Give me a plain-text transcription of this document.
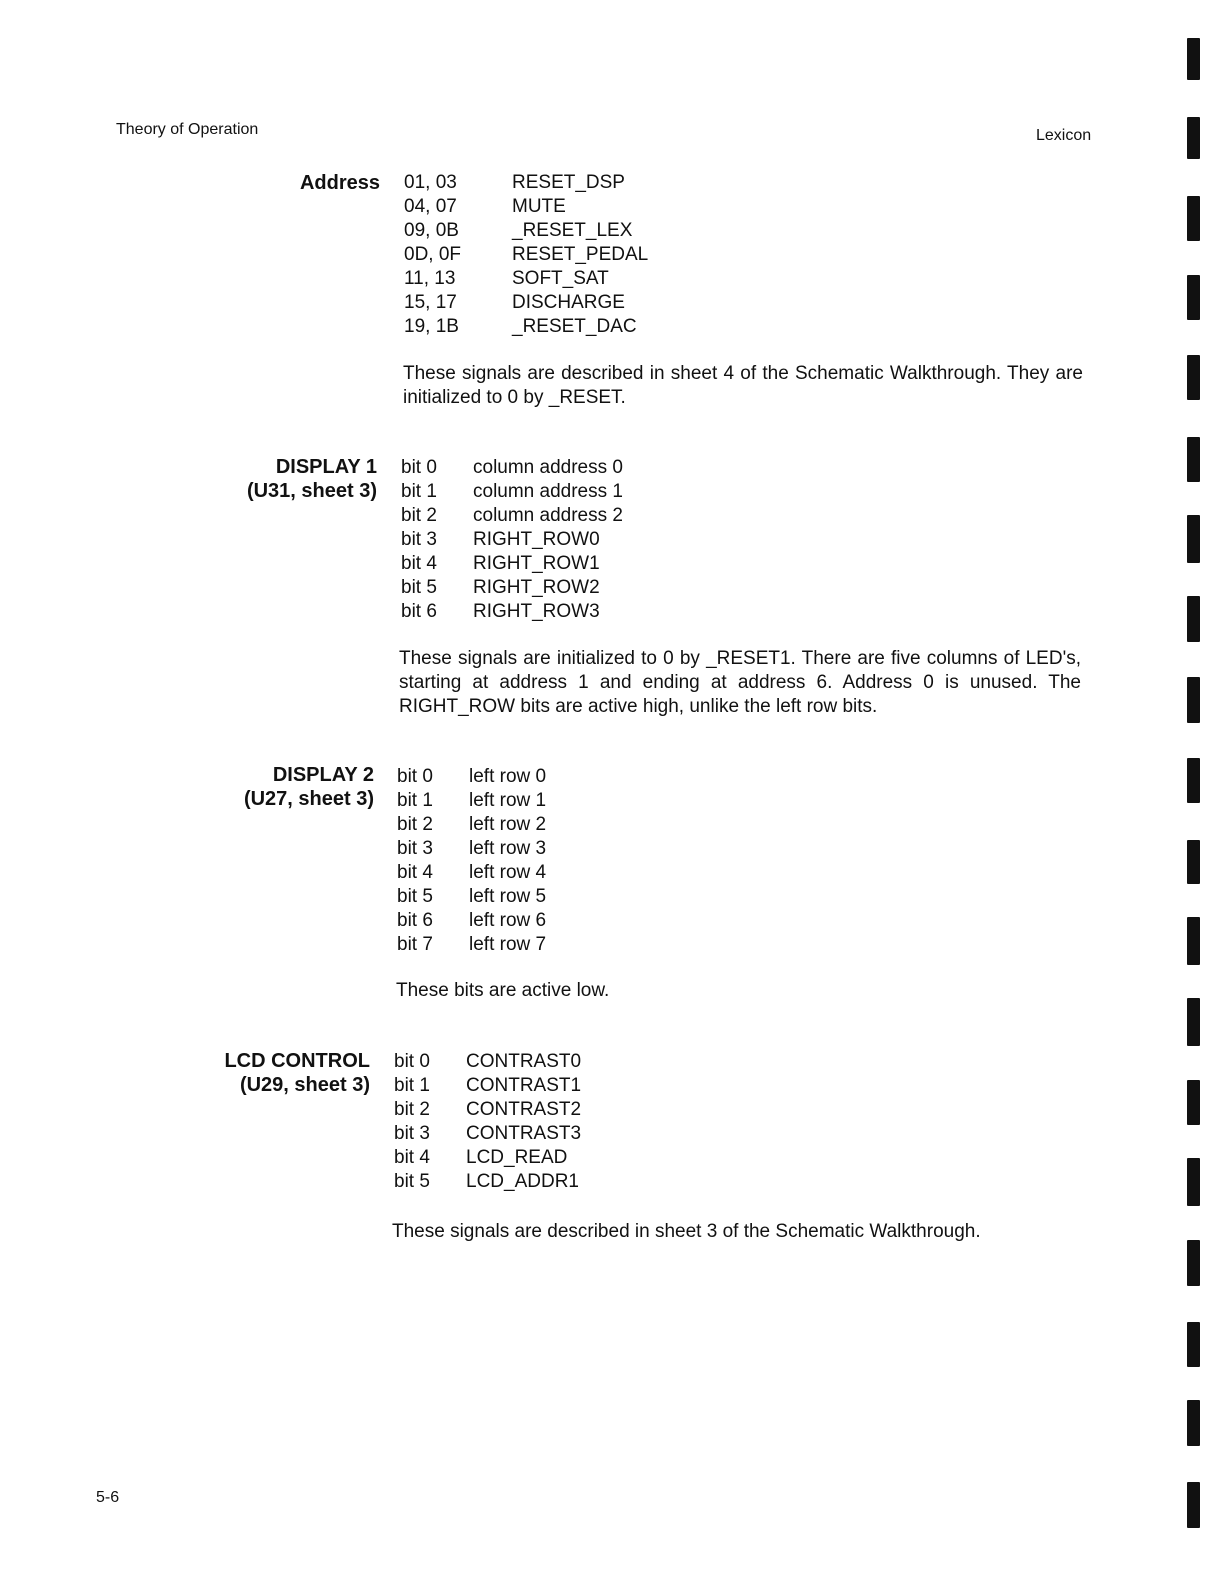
Theory of Operation	Lexicon
Address 01, 03	RESET_DSP
04, 07	MUTE
09, 0B	_RESET_LEX
0D, 0F	RESET_PEDAL
11, 13	SOFT_SAT
15, 17	DISCHARGE
19, 1B	_RESET_DAC
These signals are described in sheet 4 of the Schematic Walkthrough. They are initialized to 0 by _RESET.
DISPLAY 1
(U31, sheet 3)
bit 0 column address 0
bit 1 column address 1
bit 2 column address 2
bit 3 RIGHT_ROW0
bit 4 RIGHT_ROW1
bit 5 RIGHT_ROW2
bit 6 RIGHT_ROW3
These signals are initialized to 0 by _RESET1. There are five columns of LED's, starting at address 1 and ending at address 6. Address 0 is unused. The RIGHT_ROW bits are active high, unlike the left row bits.
DISPLAY 2
(U27, sheet 3)
bit 0 left row 0
bit 1 left row 1
bit 2 left row 2
bit 3 left row 3
bit 4 left row 4
bit 5 left row 5
bit 6 left row 6
bit 7 left row 7
These bits are active low.
LCD CONTROL
(U29, sheet 3)
bit 0 CONTRAST0
bit 1 CONTRAST1
bit 2 CONTRAST2
bit 3 CONTRAST3
bit 4 LCD_READ
bit 5 LCD_ADDR1
These signals are described in sheet 3 of the Schematic Walkthrough.
5-6
